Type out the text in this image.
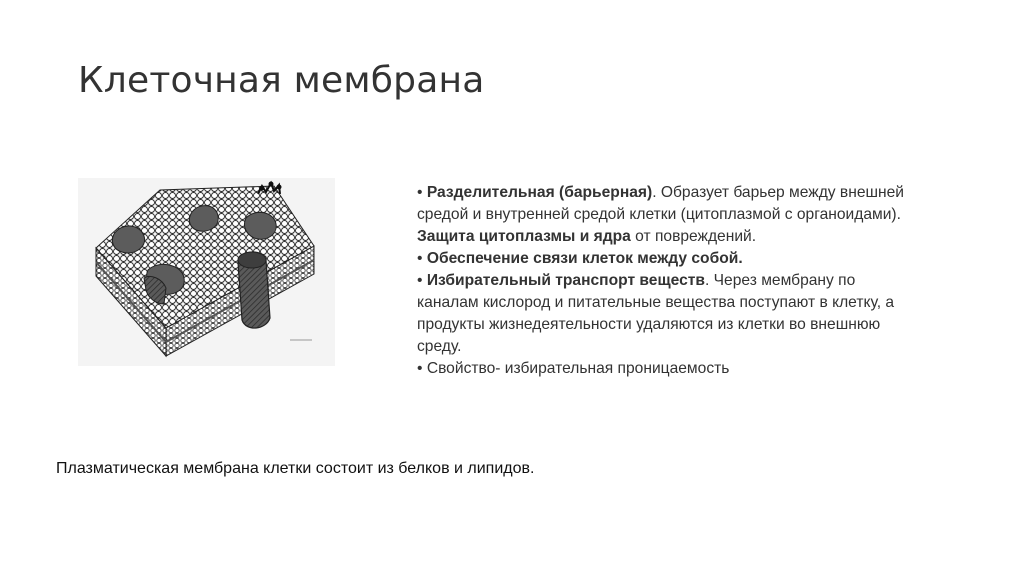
Клеточная мембрана

• Разделительная (барьерная). Образует барьер между внешней средой и внутренней средой клетки (цитоплазмой с органоидами). Защита цитоплазмы и ядра от повреждений.

• Обеспечение связи клеток между собой.

• Избирательный транспорт веществ. Через мембрану по каналам кислород и питательные вещества поступают в клетку, а продукты жизнедеятельности удаляются из клетки во внешнюю среду.

• Свойство- избирательная проницаемость

Плазматическая мембрана клетки состоит из белков и липидов.
